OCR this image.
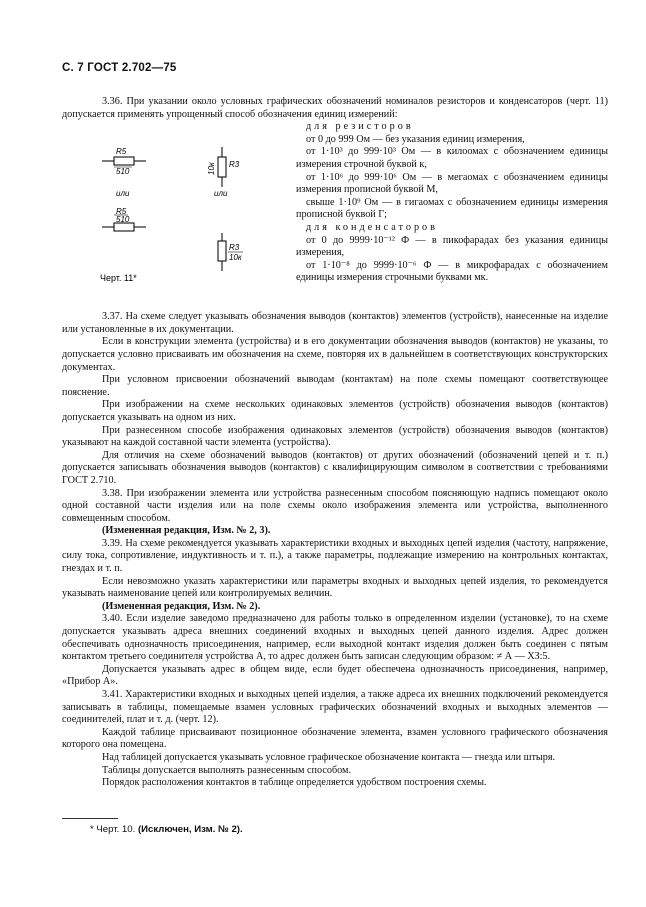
С. 7 ГОСТ 2.702—75

3.36. При указании около условных графических обозначений номиналов резисторов и конденсаторов (черт. 11) допускается применять упрощенный способ обозначения единиц измерений:

R5
510
R3
10к
или	или
R5
510
R3
10к
Черт. 11*

для резисторов

от 0 до 999 Ом — без указания единиц измерения,

от 1·10³ до 999·10³ Ом — в килоомах с обозначением единицы измерения строчной буквой к,

от 1·10⁶ до 999·10⁶ Ом — в мегаомах с обозначением единицы измерения прописной буквой М,

свыше 1·10⁹ Ом — в гигаомах с обозначением единицы измерения прописной буквой Г;

для конденсаторов

от 0 до 9999·10⁻¹² Ф — в пикофарадах без указания единицы измерения,

от 1·10⁻⁸ до 9999·10⁻⁶ Ф — в микрофарадах с обозначением единицы измерения строчными буквами мк.

3.37. На схеме следует указывать обозначения выводов (контактов) элементов (устройств), нанесенные на изделие или установленные в их документации.

Если в конструкции элемента (устройства) и в его документации обозначения выводов (контактов) не указаны, то допускается условно присваивать им обозначения на схеме, повторяя их в дальнейшем в соответствующих конструкторских документах.

При условном присвоении обозначений выводам (контактам) на поле схемы помещают соответствующее пояснение.

При изображении на схеме нескольких одинаковых элементов (устройств) обозначения выводов (контактов) допускается указывать на одном из них.

При разнесенном способе изображения одинаковых элементов (устройств) обозначения выводов (контактов) указывают на каждой составной части элемента (устройства).

Для отличия на схеме обозначений выводов (контактов) от других обозначений (обозначений цепей и т. п.) допускается записывать обозначения выводов (контактов) с квалифицирующим символом в соответствии с требованиями ГОСТ 2.710.

3.38. При изображении элемента или устройства разнесенным способом поясняющую надпись помещают около одной составной части изделия или на поле схемы около изображения элемента или устройства, выполненного совмещенным способом.

(Измененная редакция, Изм. № 2, 3).

3.39. На схеме рекомендуется указывать характеристики входных и выходных цепей изделия (частоту, напряжение, силу тока, сопротивление, индуктивность и т. п.), а также параметры, подлежащие измерению на контрольных контактах, гнездах и т. п.

Если невозможно указать характеристики или параметры входных и выходных цепей изделия, то рекомендуется указывать наименование цепей или контролируемых величин.

(Измененная редакция, Изм. № 2).

3.40. Если изделие заведомо предназначено для работы только в определенном изделии (установке), то на схеме допускается указывать адреса внешних соединений входных и выходных цепей данного изделия. Адрес должен обеспечивать однозначность присоединения, например, если выходной контакт изделия должен быть соединен с пятым контактом третьего соединителя устройства А, то адрес должен быть записан следующим образом: ≠ А — ХЗ:5.

Допускается указывать адрес в общем виде, если будет обеспечена однозначность присоединения, например, «Прибор А».

3.41. Характеристики входных и выходных цепей изделия, а также адреса их внешних подключений рекомендуется записывать в таблицы, помещаемые взамен условных графических обозначений входных и выходных элементов — соединителей, плат и т. д. (черт. 12).

Каждой таблице присваивают позиционное обозначение элемента, взамен условного графического обозначения которого она помещена.

Над таблицей допускается указывать условное графическое обозначение контакта — гнезда или штыря.

Таблицы допускается выполнять разнесенным способом.

Порядок расположения контактов в таблице определяется удобством построения схемы.

* Черт. 10. (Исключен, Изм. № 2).
